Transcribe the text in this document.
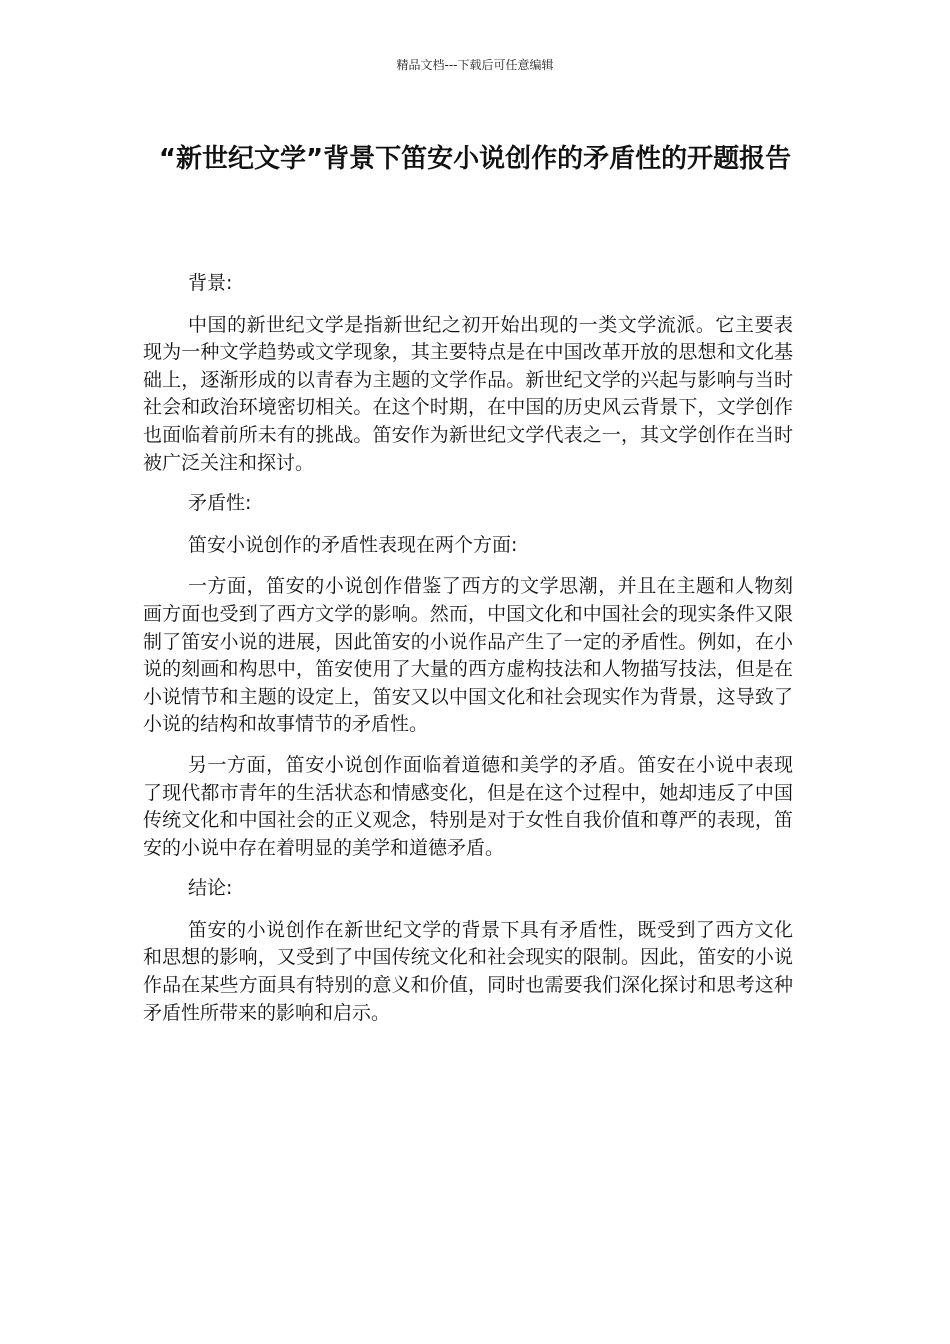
精品文档---下载后可任意编辑
“新世纪文学”背景下笛安小说创作的矛盾性的开题报告

背景:

中国的新世纪文学是指新世纪之初开始出现的一类文学流派。它主要表现为一种文学趋势或文学现象，其主要特点是在中国改革开放的思想和文化基础上，逐渐形成的以青春为主题的文学作品。新世纪文学的兴起与影响与当时社会和政治环境密切相关。在这个时期，在中国的历史风云背景下，文学创作也面临着前所未有的挑战。笛安作为新世纪文学代表之一，其文学创作在当时被广泛关注和探讨。

矛盾性:

笛安小说创作的矛盾性表现在两个方面:

一方面，笛安的小说创作借鉴了西方的文学思潮，并且在主题和人物刻画方面也受到了西方文学的影响。然而，中国文化和中国社会的现实条件又限制了笛安小说的进展，因此笛安的小说作品产生了一定的矛盾性。例如，在小说的刻画和构思中，笛安使用了大量的西方虚构技法和人物描写技法，但是在小说情节和主题的设定上，笛安又以中国文化和社会现实作为背景，这导致了小说的结构和故事情节的矛盾性。

另一方面，笛安小说创作面临着道德和美学的矛盾。笛安在小说中表现了现代都市青年的生活状态和情感变化，但是在这个过程中，她却违反了中国传统文化和中国社会的正义观念，特别是对于女性自我价值和尊严的表现，笛安的小说中存在着明显的美学和道德矛盾。

结论:

笛安的小说创作在新世纪文学的背景下具有矛盾性，既受到了西方文化和思想的影响，又受到了中国传统文化和社会现实的限制。因此，笛安的小说作品在某些方面具有特别的意义和价值，同时也需要我们深化探讨和思考这种矛盾性所带来的影响和启示。
